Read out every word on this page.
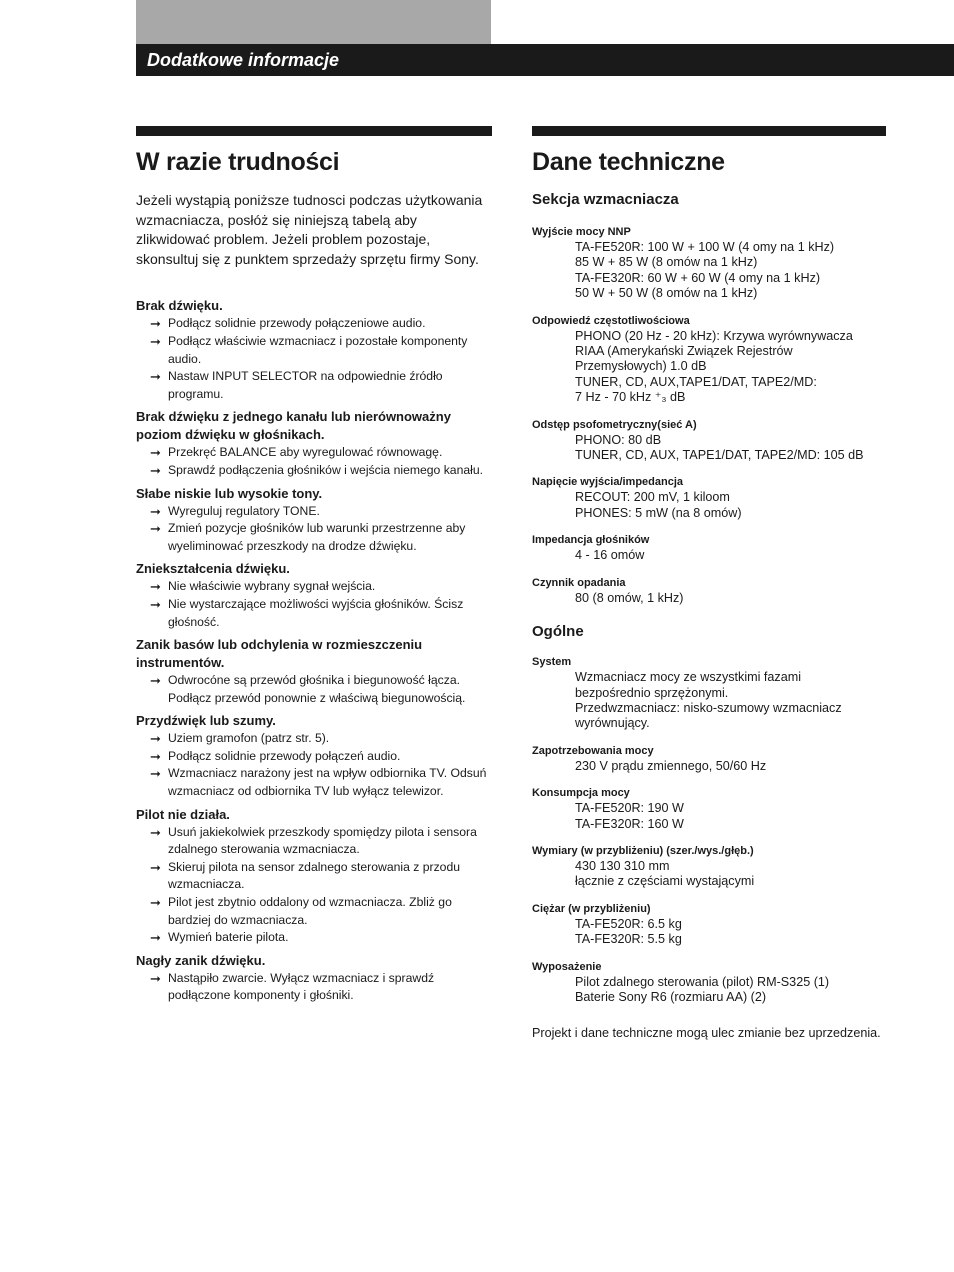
Dodatkowe informacje
W razie trudności

Jeżeli wystąpią poniższe tudnosci podczas użytkowania wzmacniacza, posłóż się niniejszą tabelą aby zlikwidować problem. Jeżeli problem pozostaje, skonsultuj się z punktem sprzedaży sprzętu firmy Sony.

Brak dźwięku.
➞ Podłącz solidnie przewody połączeniowe audio.
➞ Podłącz właściwie wzmacniacz i pozostałe komponenty audio.
➞ Nastaw INPUT SELECTOR na odpowiednie źródło programu.
Brak dźwięku z jednego kanału lub nierównoważny poziom dźwięku w głośnikach.
➞ Przekręć BALANCE aby wyregulować równowagę.
➞ Sprawdź podłączenia głośników i wejścia niemego kanału.
Słabe niskie lub wysokie tony.
➞ Wyreguluj regulatory TONE.
➞ Zmień pozycje głośników lub warunki przestrzenne aby wyeliminować przeszkody na drodze dźwięku.
Zniekształcenia dźwięku.
➞ Nie właściwie wybrany sygnał wejścia.
➞ Nie wystarczające możliwości wyjścia głośników. Ścisz głośność.
Zanik basów lub odchylenia w rozmieszczeniu instrumentów.
➞ Odwrocóne są przewód głośnika i biegunowość łącza. Podłącz przewód ponownie z właściwą biegunowością.
Przydźwięk lub szumy.
➞ Uziem gramofon (patrz str. 5).
➞ Podłącz solidnie przewody połączeń audio.
➞ Wzmacniacz narażony jest na wpływ odbiornika TV. Odsuń wzmacniacz od odbiornika TV lub wyłącz telewizor.
Pilot nie działa.
➞ Usuń jakiekolwiek przeszkody spomiędzy pilota i sensora zdalnego sterowania wzmacniacza.
➞ Skieruj pilota na sensor zdalnego sterowania z przodu wzmacniacza.
➞ Pilot jest zbytnio oddalony od wzmacniacza. Zbliż go bardziej do wzmacniacza.
➞ Wymień baterie pilota.
Nagły zanik dźwięku.
➞ Nastąpiło zwarcie. Wyłącz wzmacniacz i sprawdź podłączone komponenty i głośniki.
Dane techniczne
Sekcja wzmacniacza
Wyjście mocy NNP
TA-FE520R: 100 W + 100 W (4 omy na 1 kHz)
85 W + 85 W (8 omów na 1 kHz)
TA-FE320R: 60 W + 60 W (4 omy na 1 kHz)
50 W + 50 W (8 omów na 1 kHz)
Odpowiedź częstotliwościowa
PHONO (20 Hz - 20 kHz): Krzywa wyrównywacza
RIAA (Amerykański Związek Rejestrów
Przemysłowych) 1.0 dB
TUNER, CD, AUX,TAPE1/DAT, TAPE2/MD:
7 Hz - 70 kHz ⁺₃ dB
Odstęp psofometryczny(sieć A)
PHONO: 80 dB
TUNER, CD, AUX, TAPE1/DAT, TAPE2/MD: 105 dB
Napięcie wyjścia/impedancja
RECOUT: 200 mV, 1 kiloom
PHONES: 5 mW (na 8 omów)
Impedancja głośników
4 - 16 omów
Czynnik opadania
80 (8 omów, 1 kHz)
Ogólne
System
Wzmacniacz mocy ze wszystkimi fazami
bezpośrednio sprzężonymi.
Przedwzmacniacz: nisko-szumowy wzmacniacz
wyrównujący.
Zapotrzebowania mocy
230 V prądu zmiennego, 50/60 Hz
Konsumpcja mocy
TA-FE520R: 190 W
TA-FE320R: 160 W
Wymiary (w przybliżeniu) (szer./wys./głęb.)
430 130 310 mm
łącznie z częściami wystającymi
Ciężar (w przybliżeniu)
TA-FE520R: 6.5 kg
TA-FE320R: 5.5 kg
Wyposażenie
Pilot zdalnego sterowania (pilot) RM-S325 (1)
Baterie Sony R6 (rozmiaru AA) (2)
Projekt i dane techniczne mogą ulec zmianie bez uprzedzenia.
